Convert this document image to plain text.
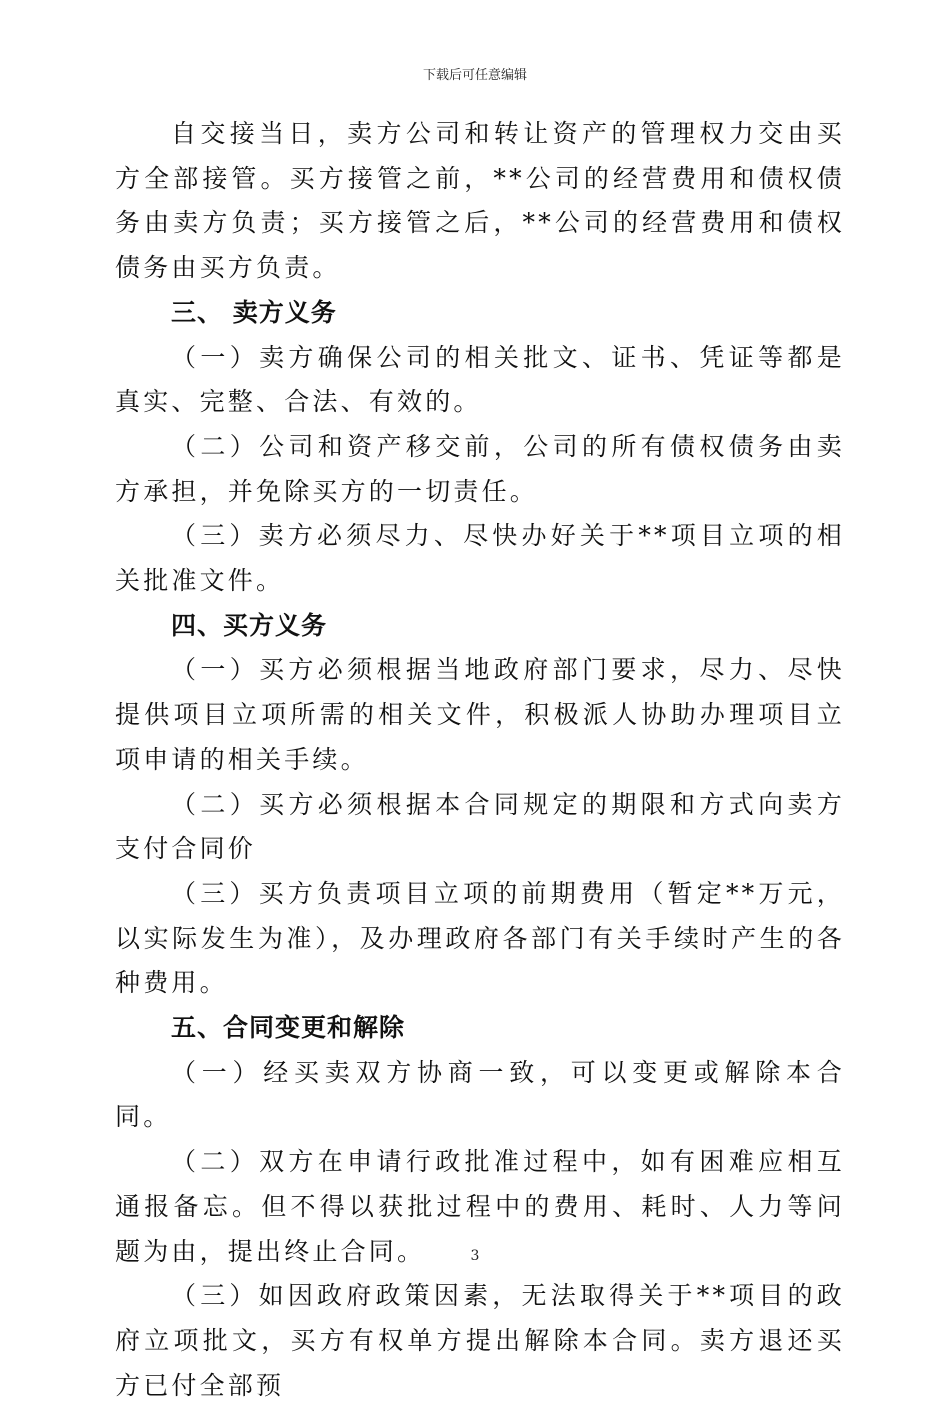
下载后可任意编辑

自交接当日，卖方公司和转让资产的管理权力交由买方全部接管。买方接管之前，**公司的经营费用和债权债务由卖方负责；买方接管之后，**公司的经营费用和债权债务由买方负责。

三、 卖方义务

（一）卖方确保公司的相关批文、证书、凭证等都是真实、完整、合法、有效的。

（二）公司和资产移交前，公司的所有债权债务由卖方承担，并免除买方的一切责任。

（三）卖方必须尽力、尽快办好关于**项目立项的相关批准文件。

四、买方义务

（一）买方必须根据当地政府部门要求，尽力、尽快提供项目立项所需的相关文件，积极派人协助办理项目立项申请的相关手续。

（二）买方必须根据本合同规定的期限和方式向卖方支付合同价

（三）买方负责项目立项的前期费用（暂定**万元，以实际发生为准），及办理政府各部门有关手续时产生的各种费用。

五、合同变更和解除

（一）经买卖双方协商一致，可以变更或解除本合同。

（二）双方在申请行政批准过程中，如有困难应相互通报备忘。但不得以获批过程中的费用、耗时、人力等问题为由，提出终止合同。

（三）如因政府政策因素，无法取得关于**项目的政府立项批文，买方有权单方提出解除本合同。卖方退还买方已付全部预

3
